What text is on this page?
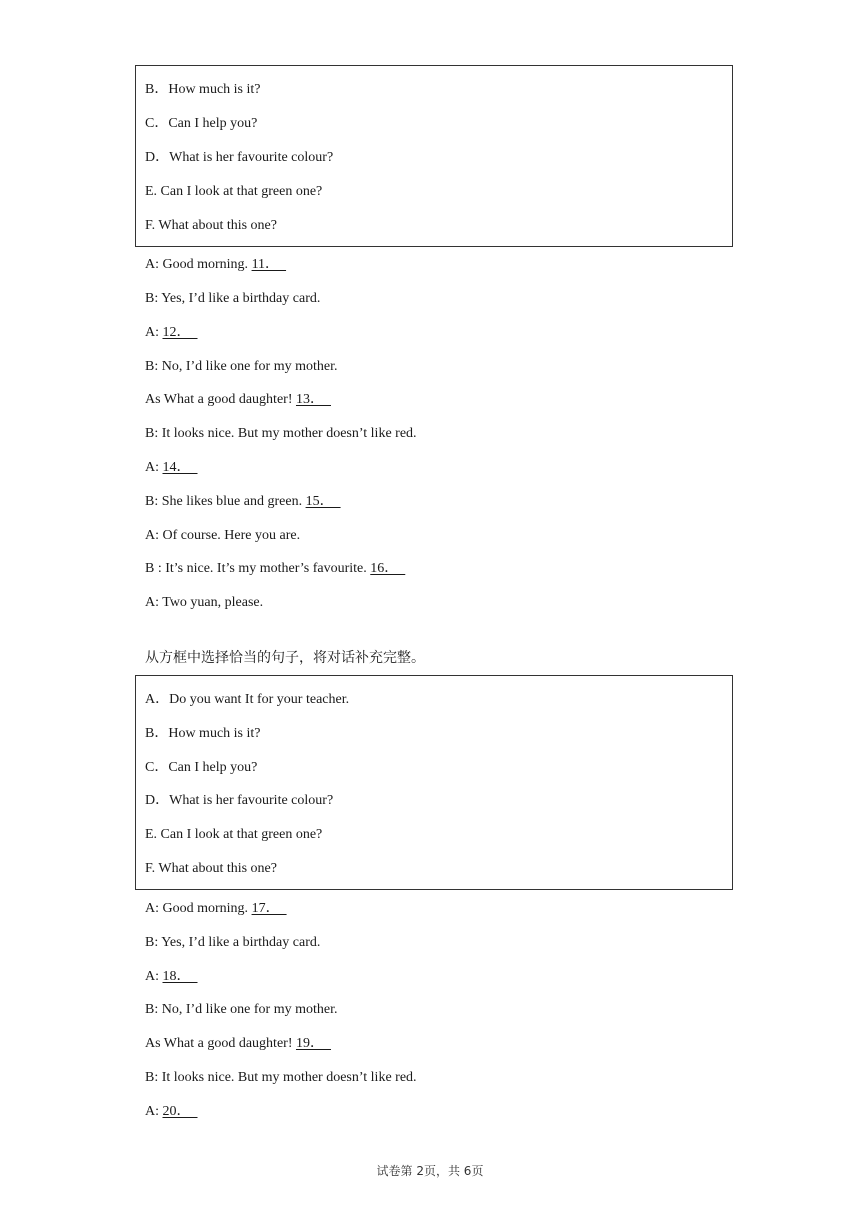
B．How much is it?
C．Can I help you?
D．What is her favourite colour?
E. Can I look at that green one?
F. What about this one?
A: Good morning. 11．
B: Yes, I’d like a birthday card.
A: 12．
B: No, I’d like one for my mother.
As What a good daughter! 13．
B: It looks nice. But my mother doesn’t like red.
A: 14．
B: She likes blue and green. 15．
A: Of course. Here you are.
B : It’s nice. It’s my mother’s favourite. 16．
A: Two yuan, please.
从方框中选择恰当的句子，将对话补充完整。
A．Do you want It for your teacher.
B．How much is it?
C．Can I help you?
D．What is her favourite colour?
E. Can I look at that green one?
F. What about this one?
A: Good morning. 17．
B: Yes, I’d like a birthday card.
A: 18．
B: No, I’d like one for my mother.
As What a good daughter! 19．
B: It looks nice. But my mother doesn’t like red.
A: 20．
试卷第 2页，共 6页
